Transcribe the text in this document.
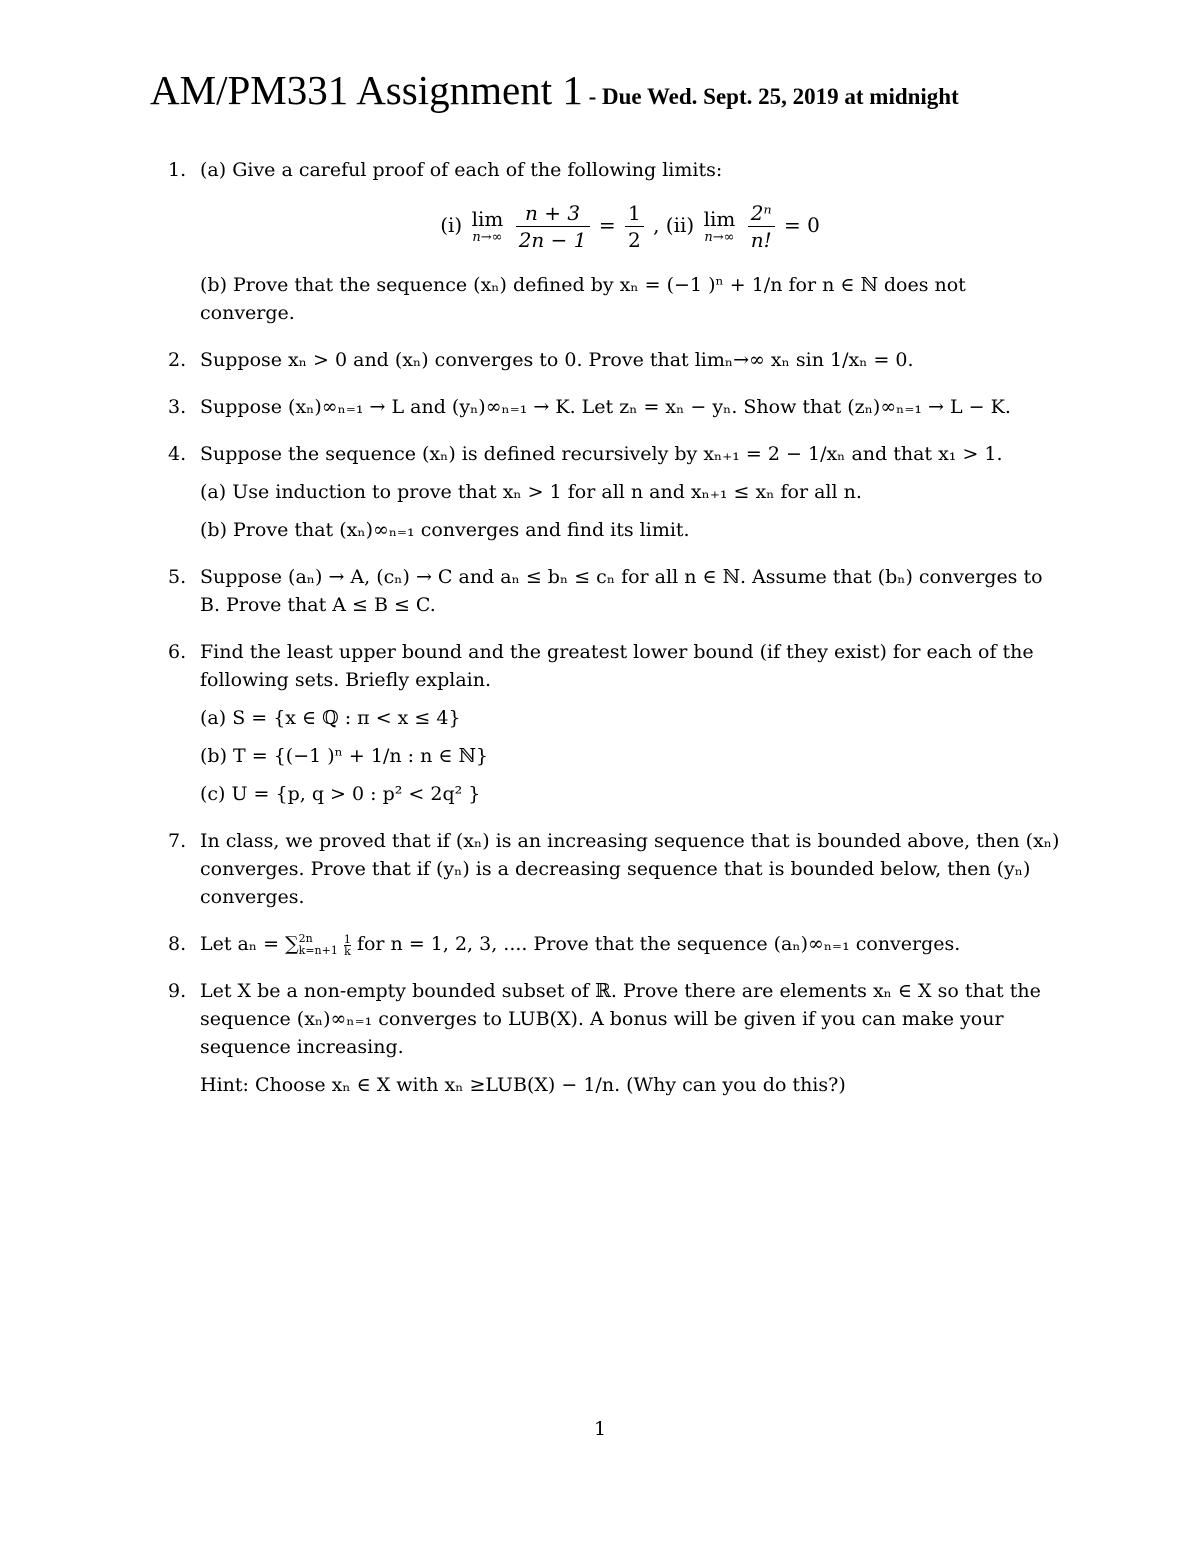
AM/PM331 Assignment 1 - Due Wed. Sept. 25, 2019 at midnight
1. (a) Give a careful proof of each of the following limits:
(i) lim
n→∞
$\frac{n + 3}{2n - 1} = \frac{1}{2}$ , (ii) lim
n→∞
$\frac{\text{2ⁿ}}{n!} = 0$
(b) Prove that the sequence (xₙ) defined by xₙ = (−1 )ⁿ + 1/n for n ∈ ℕ does not converge.
2. Suppose xₙ > 0 and (xₙ) converges to 0. Prove that limₙ→∞ xₙ sin 1/xₙ = 0.
3. Suppose (xₙ)∞ₙ₌₁ → L and (yₙ)∞ₙ₌₁ → K. Let zₙ = xₙ − yₙ. Show that (zₙ)∞ₙ₌₁ → L − K.
4. Suppose the sequence (xₙ) is defined recursively by xₙ₊₁ = 2 − 1/xₙ and that x₁ > 1.
(a) Use induction to prove that xₙ > 1 for all n and xₙ₊₁ ≤ xₙ for all n.
(b) Prove that (xₙ)∞ₙ₌₁ converges and find its limit.
5. Suppose (aₙ) → A, (cₙ) → C and aₙ ≤ bₙ ≤ cₙ for all n ∈ ℕ. Assume that (bₙ) converges to B. Prove that A ≤ B ≤ C.
6. Find the least upper bound and the greatest lower bound (if they exist) for each of the following sets. Briefly explain.
(a) S = {x ∈ ℚ : π < x ≤ 4}
(b) T = {(−1 )ⁿ + 1/n : n ∈ ℕ}
(c) U = {p, q > 0 : p² < 2q² }
7. In class, we proved that if (xₙ) is an increasing sequence that is bounded above, then (xₙ) converges. Prove that if (yₙ) is a decreasing sequence that is bounded below, then (yₙ) converges.
8. Let aₙ = ∑ 2n
k=n+1
$\frac{1}{k}$ for n = 1, 2, 3, .... Prove that the sequence (aₙ)∞ₙ₌₁ converges.
9. Let X be a non-empty bounded subset of ℝ. Prove there are elements xₙ ∈ X so that the sequence (xₙ)∞ₙ₌₁ converges to LUB(X). A bonus will be given if you can make your sequence increasing.
Hint: Choose xₙ ∈ X with xₙ ≥LUB(X) − 1/n. (Why can you do this?)
1
